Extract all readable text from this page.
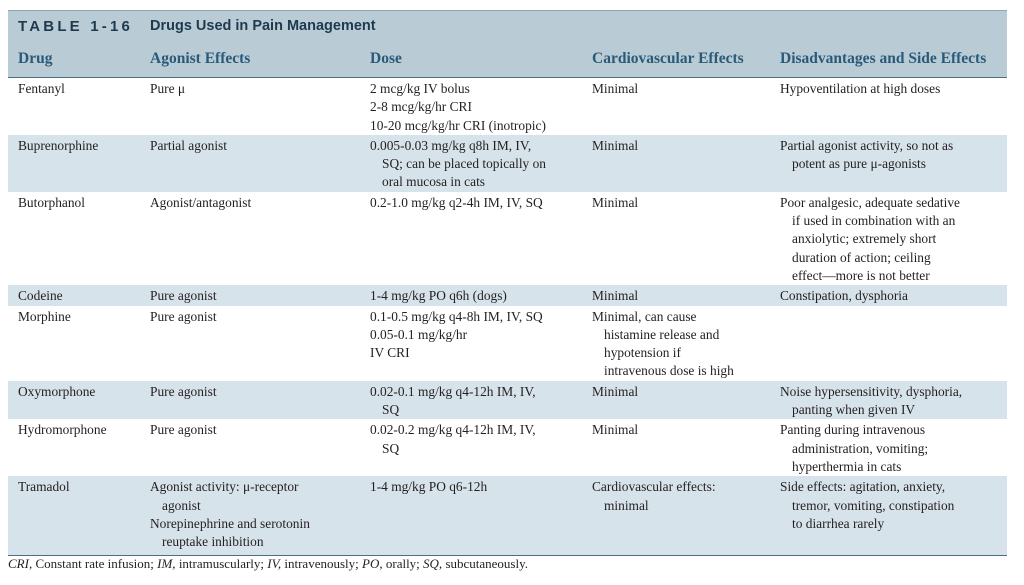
TABLE 1-16	Drugs Used in Pain Management
Drug	Agonist Effects	Dose	Cardiovascular Effects	Disadvantages and Side Effects
Fentanyl	Pure μ	2 mcg/kg IV bolus
2-8 mcg/kg/hr CRI
10-20 mcg/kg/hr CRI (inotropic)	Minimal	Hypoventilation at high doses

Buprenorphine	Partial agonist	0.005-0.03 mg/kg q8h IM, IV,
SQ; can be placed topically on
oral mucosa in cats	Minimal	Partial agonist activity, so not as
potent as pure μ-agonists

Butorphanol	Agonist/antagonist	0.2-1.0 mg/kg q2-4h IM, IV, SQ	Minimal	Poor analgesic, adequate sedative
if used in combination with an
anxiolytic; extremely short
duration of action; ceiling
effect—more is not better

Codeine	Pure agonist	1-4 mg/kg PO q6h (dogs)	Minimal	Constipation, dysphoria

Morphine	Pure agonist	0.1-0.5 mg/kg q4-8h IM, IV, SQ
0.05-0.1 mg/kg/hr
IV CRI	Minimal, can cause
histamine release and
hypotension if
intravenous dose is high	

Oxymorphone	Pure agonist	0.02-0.1 mg/kg q4-12h IM, IV,
SQ	Minimal	Noise hypersensitivity, dysphoria,
panting when given IV

Hydromorphone	Pure agonist	0.02-0.2 mg/kg q4-12h IM, IV,
SQ	Minimal	Panting during intravenous
administration, vomiting;
hyperthermia in cats

Tramadol	Agonist activity: μ-receptor
agonist
Norepinephrine and serotonin
reuptake inhibition	1-4 mg/kg PO q6-12h	Cardiovascular effects:
minimal	Side effects: agitation, anxiety,
tremor, vomiting, constipation
to diarrhea rarely
CRI, Constant rate infusion; IM, intramuscularly; IV, intravenously; PO, orally; SQ, subcutaneously.
